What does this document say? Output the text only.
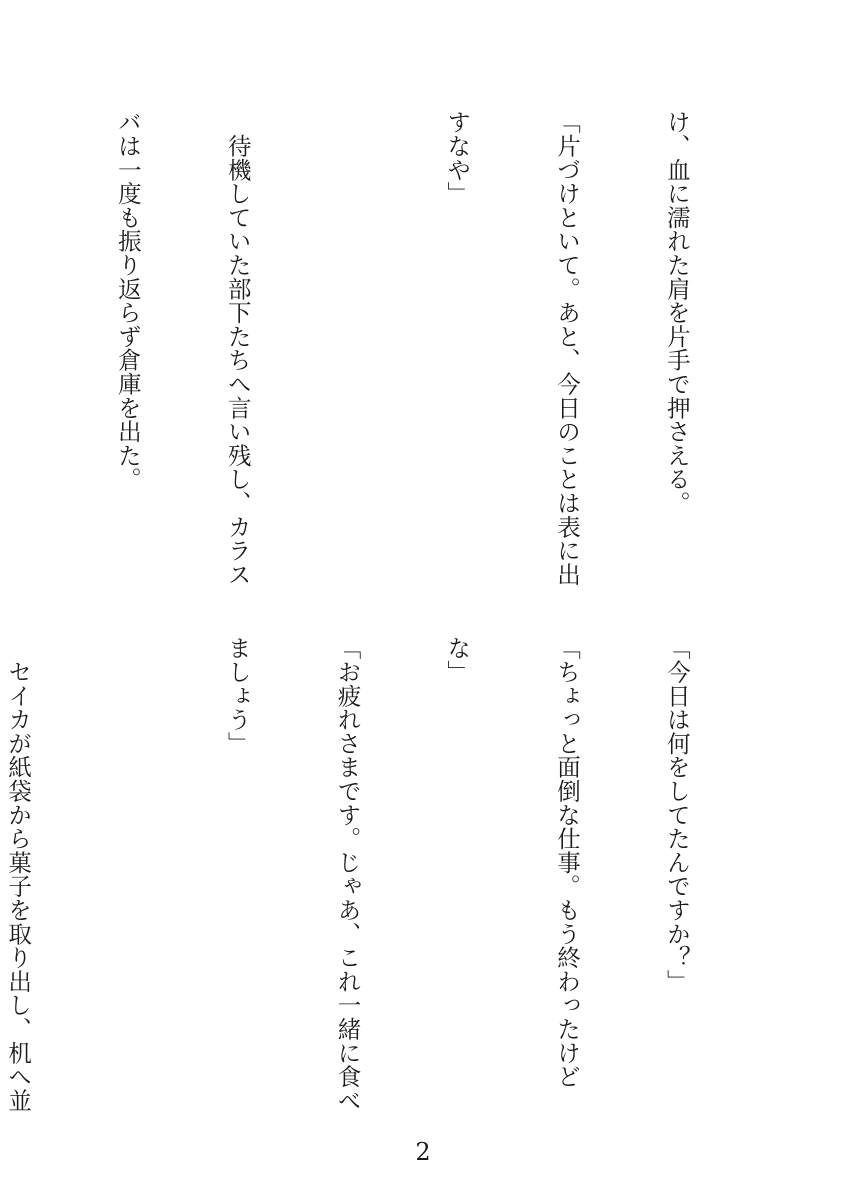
け、血に濡れた肩を片手で押さえる。

「片づけといて。あと、今日のことは表に出

すなや」

　待機していた部下たちへ言い残し、カラス

バは一度も振り返らず倉庫を出た。

「今日は何をしてたんですか？」

「ちょっと面倒な仕事。もう終わったけど

な」

「お疲れさまです。じゃあ、これ一緒に食べ

ましょう」

　セイカが紙袋から菓子を取り出し、机へ並

2
